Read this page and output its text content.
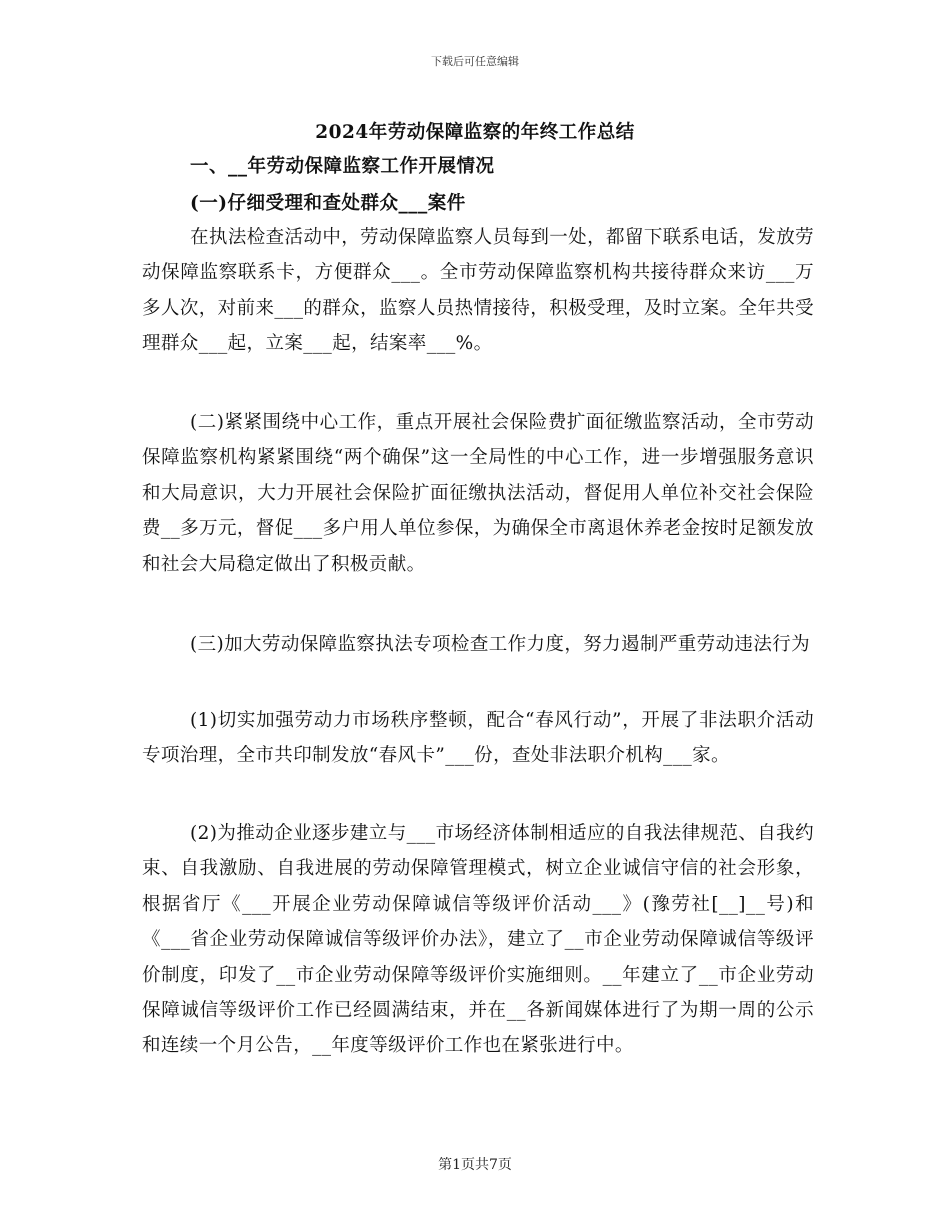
下载后可任意编辑
2024年劳动保障监察的年终工作总结
一、__年劳动保障监察工作开展情况
(一)仔细受理和查处群众___案件

在执法检查活动中，劳动保障监察人员每到一处，都留下联系电话，发放劳动保障监察联系卡，方便群众___。全市劳动保障监察机构共接待群众来访___万多人次，对前来___的群众，监察人员热情接待，积极受理，及时立案。全年共受理群众___起，立案___起，结案率___%。

(二)紧紧围绕中心工作，重点开展社会保险费扩面征缴监察活动，全市劳动保障监察机构紧紧围绕“两个确保”这一全局性的中心工作，进一步增强服务意识和大局意识，大力开展社会保险扩面征缴执法活动，督促用人单位补交社会保险费__多万元，督促___多户用人单位参保，为确保全市离退休养老金按时足额发放和社会大局稳定做出了积极贡献。

(三)加大劳动保障监察执法专项检查工作力度，努力遏制严重劳动违法行为

(1)切实加强劳动力市场秩序整顿，配合“春风行动”，开展了非法职介活动专项治理，全市共印制发放“春风卡”___份，查处非法职介机构___家。

(2)为推动企业逐步建立与___市场经济体制相适应的自我法律规范、自我约束、自我激励、自我进展的劳动保障管理模式，树立企业诚信守信的社会形象，根据省厅《___开展企业劳动保障诚信等级评价活动___》(豫劳社[__]__号)和《___省企业劳动保障诚信等级评价办法》，建立了__市企业劳动保障诚信等级评价制度，印发了__市企业劳动保障等级评价实施细则。__年建立了__市企业劳动保障诚信等级评价工作已经圆满结束，并在__各新闻媒体进行了为期一周的公示和连续一个月公告，__年度等级评价工作也在紧张进行中。

第1页共7页
